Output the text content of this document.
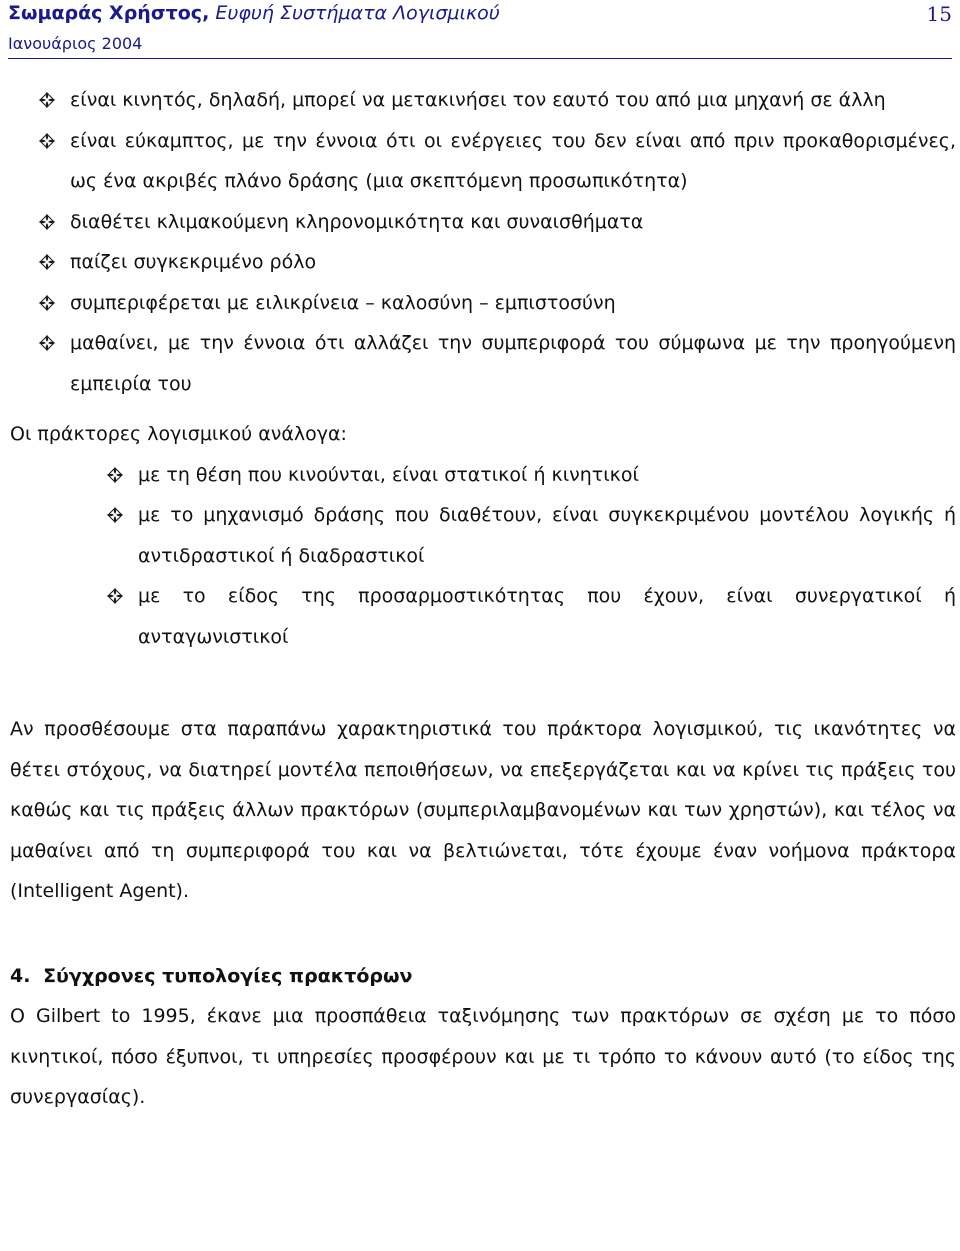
Σωμαράς Χρήστος, Ευφυή Συστήματα Λογισμικού
Ιανουάριος 2004
15
είναι κινητός, δηλαδή, μπορεί να μετακινήσει τον εαυτό του από μια μηχανή σε άλλη
είναι εύκαμπτος, με την έννοια ότι οι ενέργειες του δεν είναι από πριν προκαθορισμένες, ως ένα ακριβές πλάνο δράσης (μια σκεπτόμενη προσωπικότητα)
διαθέτει κλιμακούμενη κληρονομικότητα και συναισθήματα
παίζει συγκεκριμένο ρόλο
συμπεριφέρεται με ειλικρίνεια – καλοσύνη – εμπιστοσύνη
μαθαίνει, με την έννοια ότι αλλάζει την συμπεριφορά του σύμφωνα με την προηγούμενη εμπειρία του

Οι πράκτορες λογισμικού ανάλογα:

με τη θέση που κινούνται, είναι στατικοί ή κινητικοί
με το μηχανισμό δράσης που διαθέτουν, είναι συγκεκριμένου μοντέλου λογικής ή αντιδραστικοί ή διαδραστικοί
με το είδος της προσαρμοστικότητας που έχουν, είναι συνεργατικοί ή ανταγωνιστικοί

Αν προσθέσουμε στα παραπάνω χαρακτηριστικά του πράκτορα λογισμικού, τις ικανότητες να θέτει στόχους, να διατηρεί μοντέλα πεποιθήσεων, να επεξεργάζεται και να κρίνει τις πράξεις του καθώς και τις πράξεις άλλων πρακτόρων (συμπεριλαμβανομένων και των χρηστών), και τέλος να μαθαίνει από τη συμπεριφορά του και να βελτιώνεται, τότε έχουμε έναν νοήμονα πράκτορα (Intelligent Agent).

4. Σύγχρονες τυπολογίες πρακτόρων

Ο Gilbert to 1995, έκανε μια προσπάθεια ταξινόμησης των πρακτόρων σε σχέση με το πόσο κινητικοί, πόσο έξυπνοι, τι υπηρεσίες προσφέρουν και με τι τρόπο το κάνουν αυτό (το είδος της συνεργασίας).
